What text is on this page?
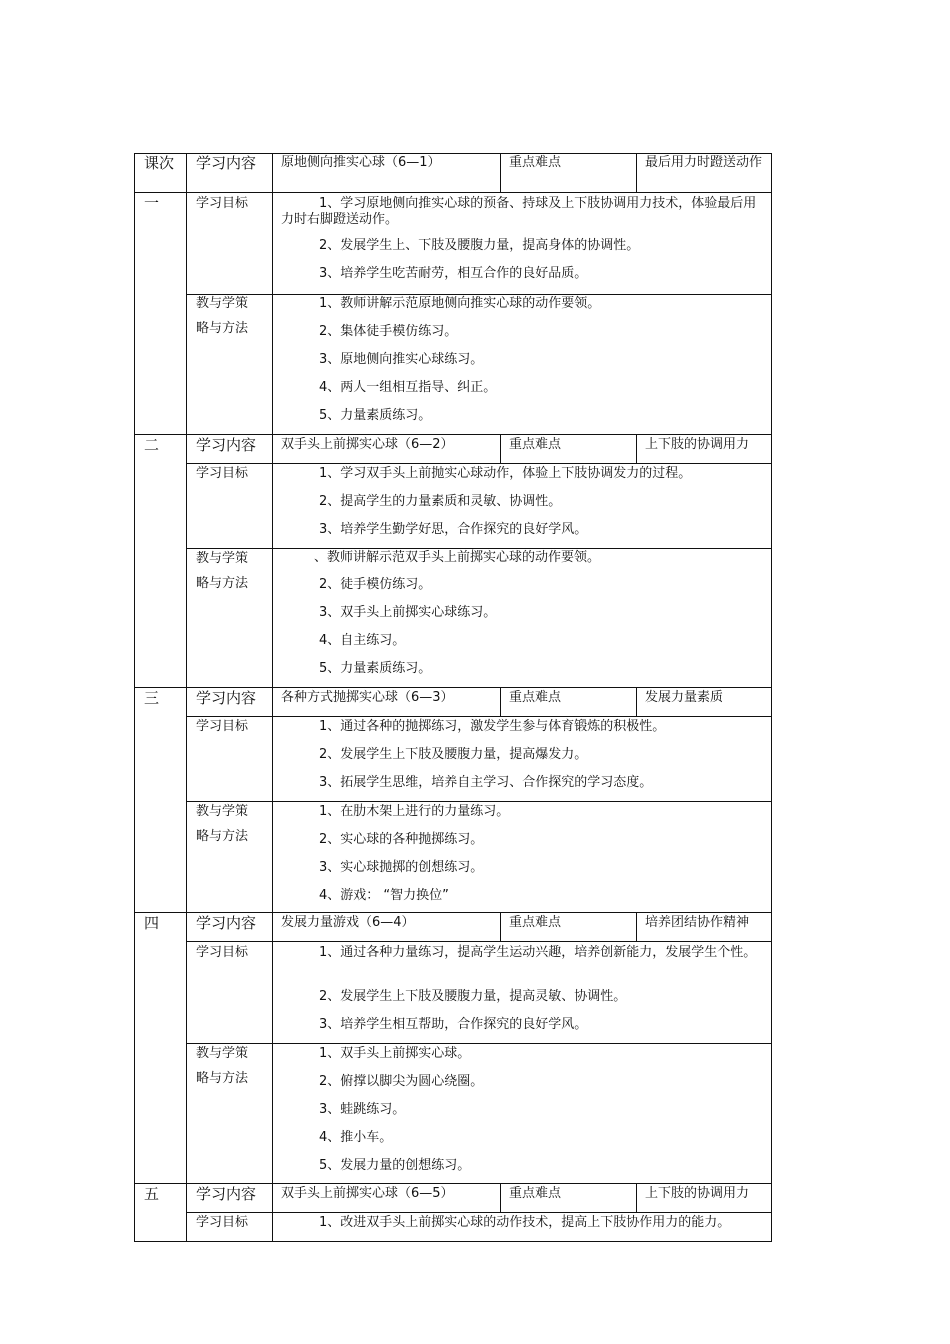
课次 学习内容 原地侧向推实心球（6—1）	重点难点	最后用力时蹬送动作
一	学习目标	1、学习原地侧向推实心球的预备、持球及上下肢协调用力技术，体验最后用力时右脚蹬送动作。
2、发展学生上、下肢及腰腹力量，提高身体的协调性。
3、培养学生吃苦耐劳，相互合作的良好品质。
教与学策
略与方法
1、教师讲解示范原地侧向推实心球的动作要领。
2、集体徒手模仿练习。
3、原地侧向推实心球练习。
4、两人一组相互指导、纠正。
5、力量素质练习。
二 学习内容 双手头上前掷实心球（6—2）	重点难点	上下肢的协调用力
学习目标	1、学习双手头上前抛实心球动作，体验上下肢协调发力的过程。
2、提高学生的力量素质和灵敏、协调性。
3、培养学生勤学好思，合作探究的良好学风。
教与学策
略与方法
、教师讲解示范双手头上前掷实心球的动作要领。
2、徒手模仿练习。
3、双手头上前掷实心球练习。
4、自主练习。
5、力量素质练习。
三 学习内容 各种方式抛掷实心球（6—3）	重点难点	发展力量素质
学习目标	1、通过各种的抛掷练习，激发学生参与体育锻炼的积极性。
2、发展学生上下肢及腰腹力量，提高爆发力。
3、拓展学生思维，培养自主学习、合作探究的学习态度。
教与学策
略与方法
1、在肋木架上进行的力量练习。
2、实心球的各种抛掷练习。
3、实心球抛掷的创想练习。
4、游戏： “智力换位”
四 学习内容 发展力量游戏（6—4）	重点难点	培养团结协作精神
学习目标	1、通过各种力量练习，提高学生运动兴趣，培养创新能力，发展学生个性。
2、发展学生上下肢及腰腹力量，提高灵敏、协调性。
3、培养学生相互帮助，合作探究的良好学风。
教与学策
略与方法
1、双手头上前掷实心球。
2、俯撑以脚尖为圆心绕圈。
3、蛙跳练习。
4、推小车。
5、发展力量的创想练习。
五 学习内容 双手头上前掷实心球（6—5）	重点难点	上下肢的协调用力
学习目标	1、改进双手头上前掷实心球的动作技术，提高上下肢协作用力的能力。
